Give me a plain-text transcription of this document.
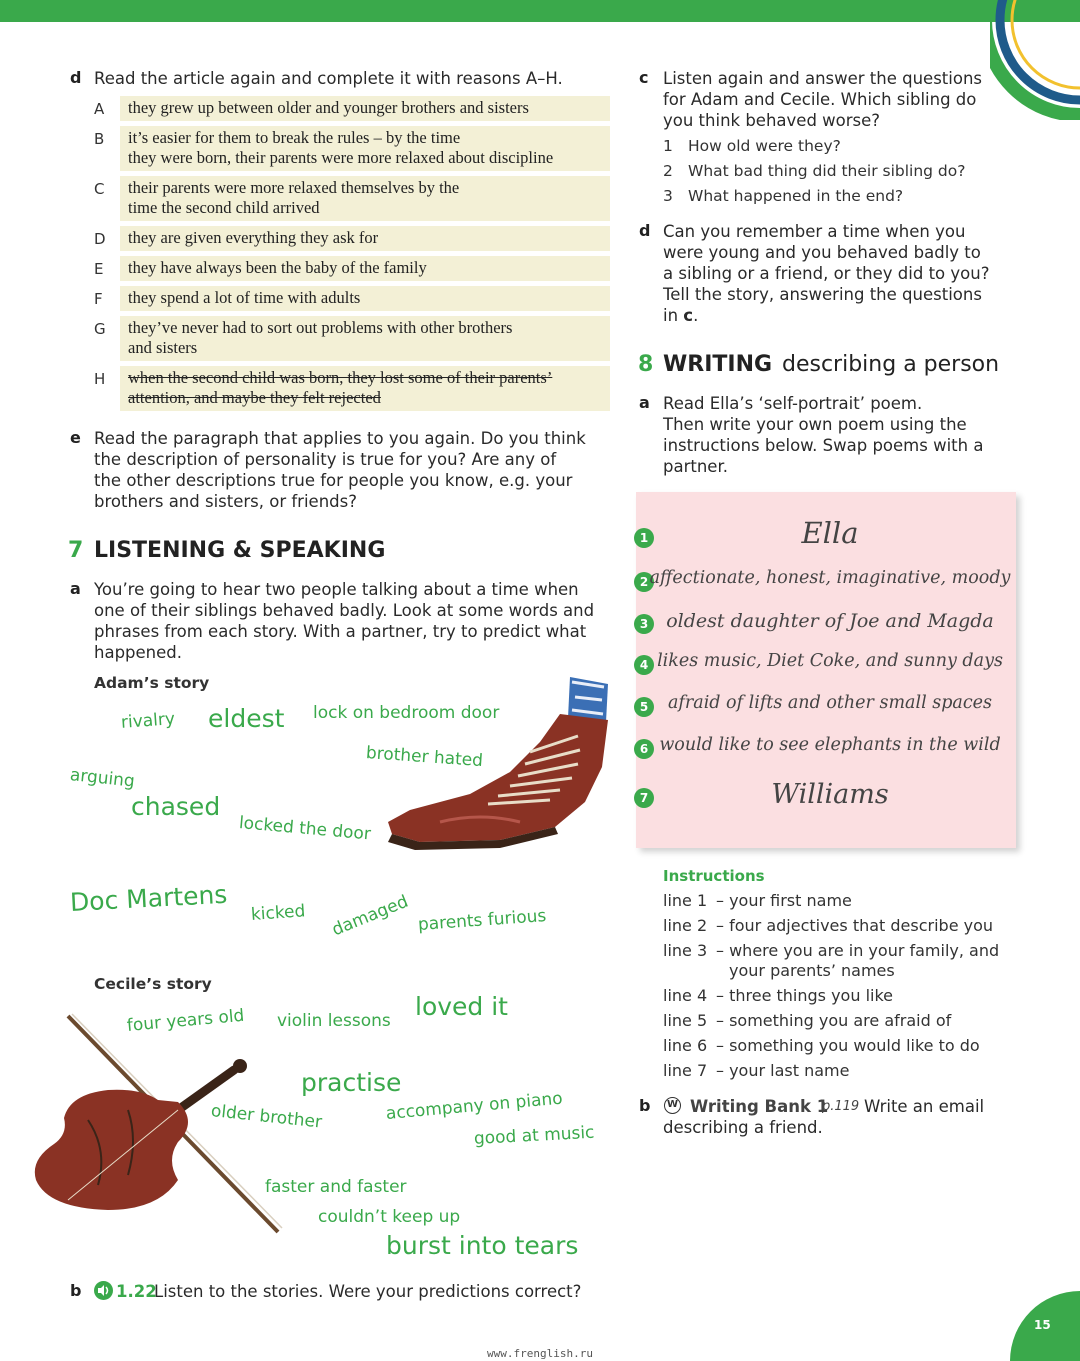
d Read the article again and complete it with reasons A–H.
A they grew up between older and younger brothers and sisters
B it’s easier for them to break the rules – by the time
they were born, their parents were more relaxed about discipline
C their parents were more relaxed themselves by the
time the second child arrived
D they are given everything they ask for
E they have always been the baby of the family
F they spend a lot of time with adults
G they’ve never had to sort out problems with other brothers
and sisters
H when the second child was born, they lost some of their parents’
attention, and maybe they felt rejected
e Read the paragraph that applies to you again. Do you think
the description of personality is true for you? Are any of
the other descriptions true for people you know, e.g. your
brothers and sisters, or friends?
7 LISTENING & SPEAKING
a You’re going to hear two people talking about a time when
one of their siblings behaved badly. Look at some words and
phrases from each story. With a partner, try to predict what
happened.
Adam’s story
rivalry eldest lock on bedroom door
brother hated
arguing
chased
locked the door
Doc Martens kicked damaged parents furious
Cecile’s story
four years old violin lessons loved it
practise
older brother	accompany on piano
good at music
faster and faster
couldn’t keep up
burst into tears
b 1.22
Listen to the stories. Were your predictions correct?
c Listen again and answer the questions
for Adam and Cecile. Which sibling do
you think behaved worse?
1 How old were they?
2 What bad thing did their sibling do?
3 What happened in the end?
d Can you remember a time when you
were young and you behaved badly to
a sibling or a friend, or they did to you?
Tell the story, answering the questions
in c.
8 WRITING describing a person
a Read Ella’s ‘self-portrait’ poem.
Then write your own poem using the
instructions below. Swap poems with a
partner.
1	Ella
2 affectionate, honest, imaginative, moody
3 oldest daughter of Joe and Magda
4 likes music, Diet Coke, and sunny days
5	afraid of lifts and other small spaces
6 would like to see elephants in the wild
7	Williams
Instructions
line 1 – your first name
line 2 – four adjectives that describe you
line 3 – where you are in your family, and
your parents’ names
line 4 – three things you like
line 5 – something you are afraid of
line 6 – something you would like to do
line 7 – your last name
b W Writing Bank 1
p.119 Write an email
describing a friend.
www.frenglish.ru
15
